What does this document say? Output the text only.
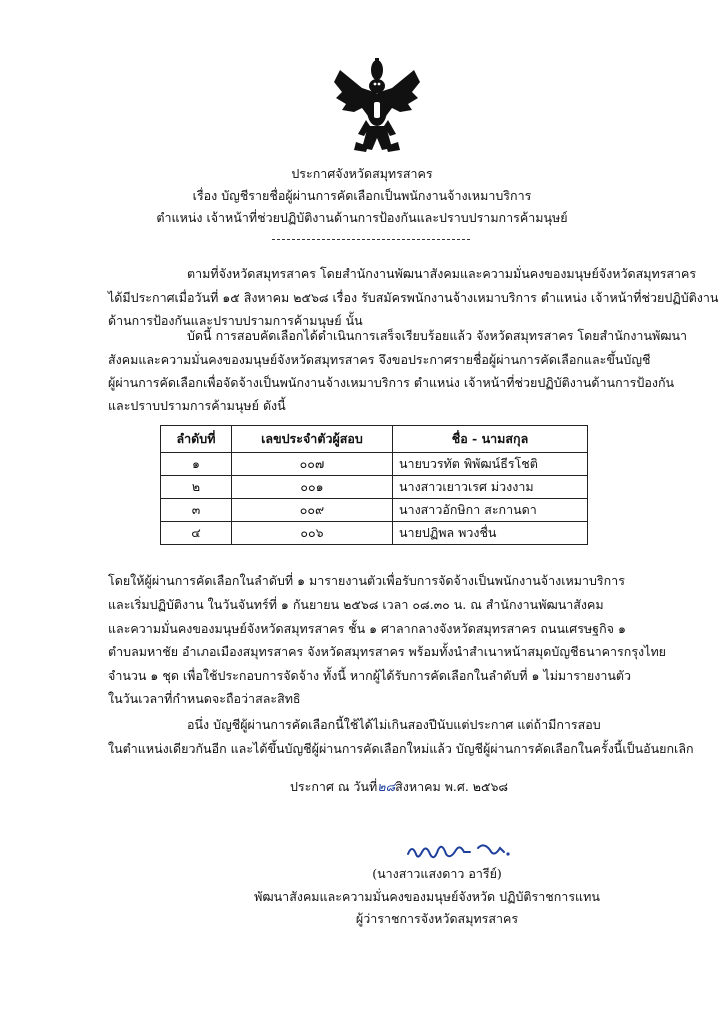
ประกาศจังหวัดสมุทรสาคร
เรื่อง บัญชีรายชื่อผู้ผ่านการคัดเลือกเป็นพนักงานจ้างเหมาบริการ
ตำแหน่ง เจ้าหน้าที่ช่วยปฏิบัติงานด้านการป้องกันและปราบปรามการค้ามนุษย์
ตามที่จังหวัดสมุทรสาคร โดยสำนักงานพัฒนาสังคมและความมั่นคงของมนุษย์จังหวัดสมุทรสาคร
ได้มีประกาศเมื่อวันที่ ๑๕ สิงหาคม ๒๕๖๘ เรื่อง รับสมัครพนักงานจ้างเหมาบริการ ตำแหน่ง เจ้าหน้าที่ช่วยปฏิบัติงาน
ด้านการป้องกันและปราบปรามการค้ามนุษย์ นั้น
บัดนี้ การสอบคัดเลือกได้ดำเนินการเสร็จเรียบร้อยแล้ว จังหวัดสมุทรสาคร โดยสำนักงานพัฒนา
สังคมและความมั่นคงของมนุษย์จังหวัดสมุทรสาคร จึงขอประกาศรายชื่อผู้ผ่านการคัดเลือกและขึ้นบัญชี
ผู้ผ่านการคัดเลือกเพื่อจัดจ้างเป็นพนักงานจ้างเหมาบริการ ตำแหน่ง เจ้าหน้าที่ช่วยปฏิบัติงานด้านการป้องกัน
และปราบปรามการค้ามนุษย์ ดังนี้
ลำดับที่	เลขประจำตัวผู้สอบ	ชื่อ - นามสกุล
๑	๐๐๗	นายบวรทัต พิพัฒน์ธีรโชติ
๒	๐๐๑	นางสาวเยาวเรศ ม่วงงาม
๓	๐๐๙	นางสาวอักษิกา สะกานดา
๔	๐๐๖	นายปฏิพล พวงชื่น
โดยให้ผู้ผ่านการคัดเลือกในลำดับที่ ๑ มารายงานตัวเพื่อรับการจัดจ้างเป็นพนักงานจ้างเหมาบริการ
และเริ่มปฏิบัติงาน ในวันจันทร์ที่ ๑ กันยายน ๒๕๖๘ เวลา ๐๘.๓๐ น. ณ สำนักงานพัฒนาสังคม
และความมั่นคงของมนุษย์จังหวัดสมุทรสาคร ชั้น ๑ ศาลากลางจังหวัดสมุทรสาคร ถนนเศรษฐกิจ ๑
ตำบลมหาชัย อำเภอเมืองสมุทรสาคร จังหวัดสมุทรสาคร พร้อมทั้งนำสำเนาหน้าสมุดบัญชีธนาคารกรุงไทย
จำนวน ๑ ชุด เพื่อใช้ประกอบการจัดจ้าง ทั้งนี้ หากผู้ได้รับการคัดเลือกในลำดับที่ ๑ ไม่มารายงานตัว
ในวันเวลาที่กำหนดจะถือว่าสละสิทธิ
อนึ่ง บัญชีผู้ผ่านการคัดเลือกนี้ใช้ได้ไม่เกินสองปีนับแต่ประกาศ แต่ถ้ามีการสอบ
ในตำแหน่งเดียวกันอีก และได้ขึ้นบัญชีผู้ผ่านการคัดเลือกใหม่แล้ว บัญชีผู้ผ่านการคัดเลือกในครั้งนี้เป็นอันยกเลิก
ประกาศ ณ วันที่๒๘สิงหาคม พ.ศ. ๒๕๖๘
(นางสาวแสงดาว อารีย์)
พัฒนาสังคมและความมั่นคงของมนุษย์จังหวัด ปฏิบัติราชการแทน
ผู้ว่าราชการจังหวัดสมุทรสาคร
